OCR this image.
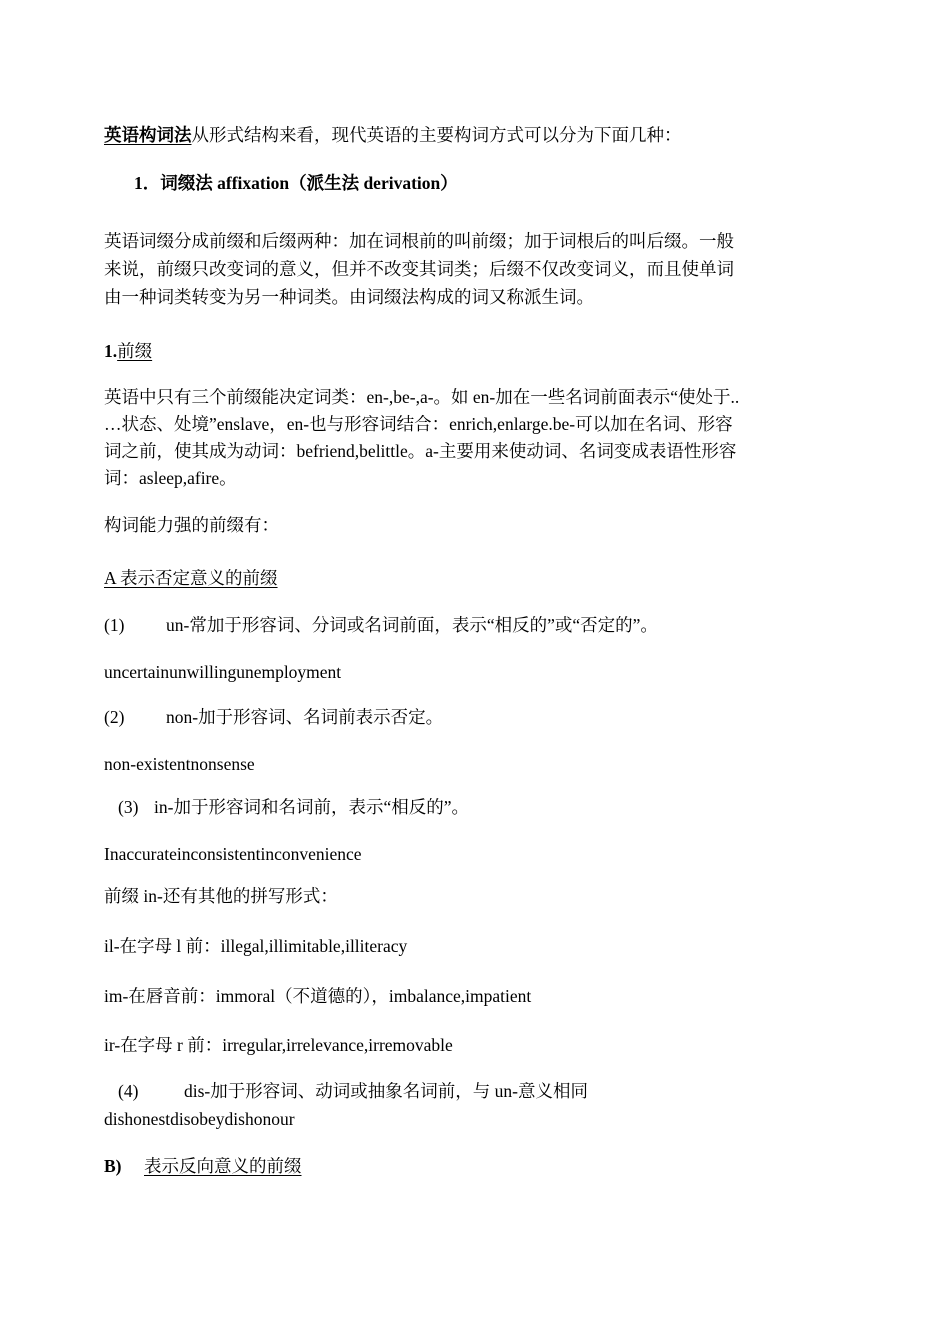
英语构词法从形式结构来看，现代英语的主要构词方式可以分为下面几种：
1．词缀法 affixation（派生法 derivation）
英语词缀分成前缀和后缀两种：加在词根前的叫前缀；加于词根后的叫后缀。一般
来说，前缀只改变词的意义，但并不改变其词类；后缀不仅改变词义，而且使单词
由一种词类转变为另一种词类。由词缀法构成的词又称派生词。
1.前缀
英语中只有三个前缀能决定词类：en-,be-,a-。如 en-加在一些名词前面表示“使处于..
…状态、处境”enslave，en-也与形容词结合：enrich,enlarge.be-可以加在名词、形容
词之前，使其成为动词：befriend,belittle。a-主要用来使动词、名词变成表语性形容
词：asleep,afire。
构词能力强的前缀有：
A 表示否定意义的前缀
(1) un-常加于形容词、分词或名词前面，表示“相反的”或“否定的”。
uncertainunwillingunemployment
(2) non-加于形容词、名词前表示否定。
non-existentnonsense
(3) in-加于形容词和名词前，表示“相反的”。
Inaccurateinconsistentinconvenience
前缀 in-还有其他的拼写形式：
il-在字母 l 前：illegal,illimitable,illiteracy
im-在唇音前：immoral（不道德的），imbalance,impatient
ir-在字母 r 前：irregular,irrelevance,irremovable
(4)	dis-加于形容词、动词或抽象名词前，与 un-意义相同
dishonestdisobeydishonour
B) 表示反向意义的前缀
